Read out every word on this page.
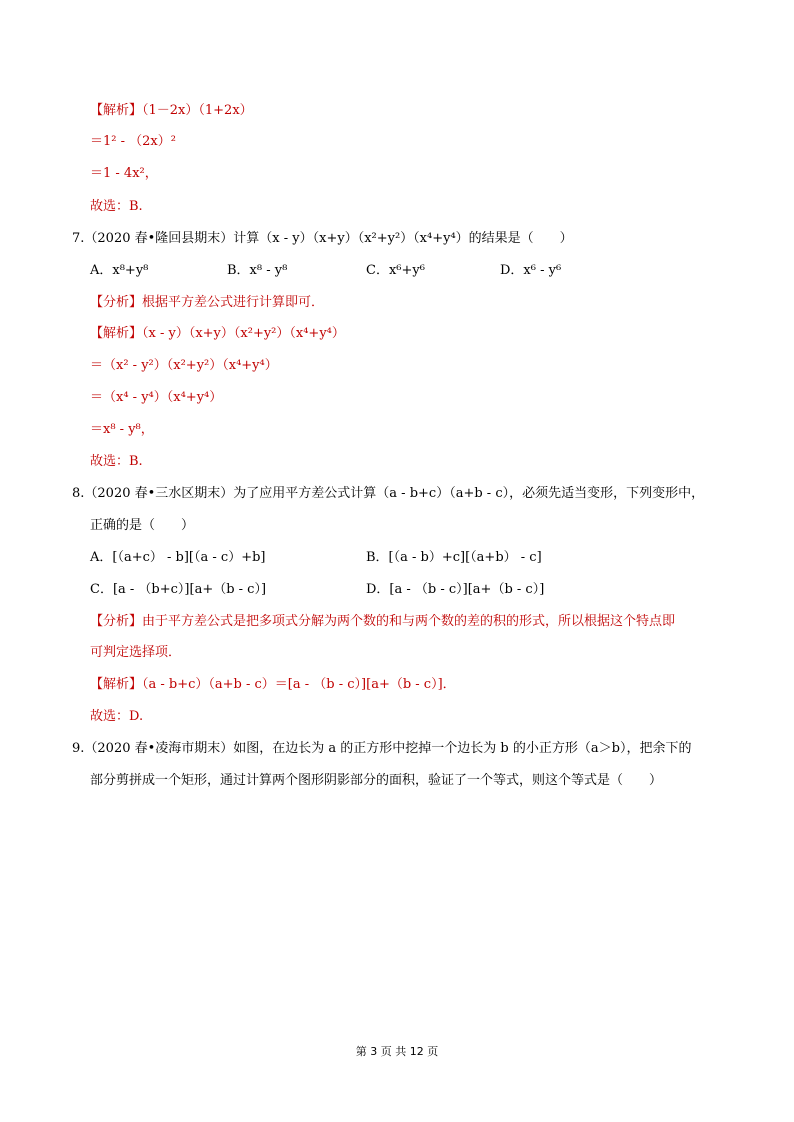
【解析】（1－2x）（1+2x）
＝1² - （2x）²
＝1 - 4x²，
故选：B.
7.（2020 春•隆回县期末）计算（x - y）（x+y）（x²+y²）（x⁴+y⁴）的结果是（　　）
A．x⁸+y⁸	B．x⁸ - y⁸	C．x⁶+y⁶	D．x⁶ - y⁶
【分析】根据平方差公式进行计算即可．
【解析】（x - y）（x+y）（x²+y²）（x⁴+y⁴）
＝（x² - y²）（x²+y²）（x⁴+y⁴）
＝（x⁴ - y⁴）（x⁴+y⁴）
＝x⁸ - y⁸，
故选：B.
8.（2020 春•三水区期末）为了应用平方差公式计算（a - b+c）（a+b - c），必须先适当变形，下列变形中，
正确的是（　　）
A．[（a+c） - b][（a - c）+b]	B．[（a - b）+c][（a+b） - c]
C．[a - （b+c）][a+（b - c）]	D．[a - （b - c）][a+（b - c）]
【分析】由于平方差公式是把多项式分解为两个数的和与两个数的差的积的形式，所以根据这个特点即
可判定选择项．
【解析】（a - b+c）（a+b - c）＝[a - （b - c）][a+（b - c）]．
故选：D.
9.（2020 春•凌海市期末）如图，在边长为 a 的正方形中挖掉一个边长为 b 的小正方形（a＞b），把余下的
部分剪拼成一个矩形，通过计算两个图形阴影部分的面积，验证了一个等式，则这个等式是（　　）
第 3 页 共 12 页
